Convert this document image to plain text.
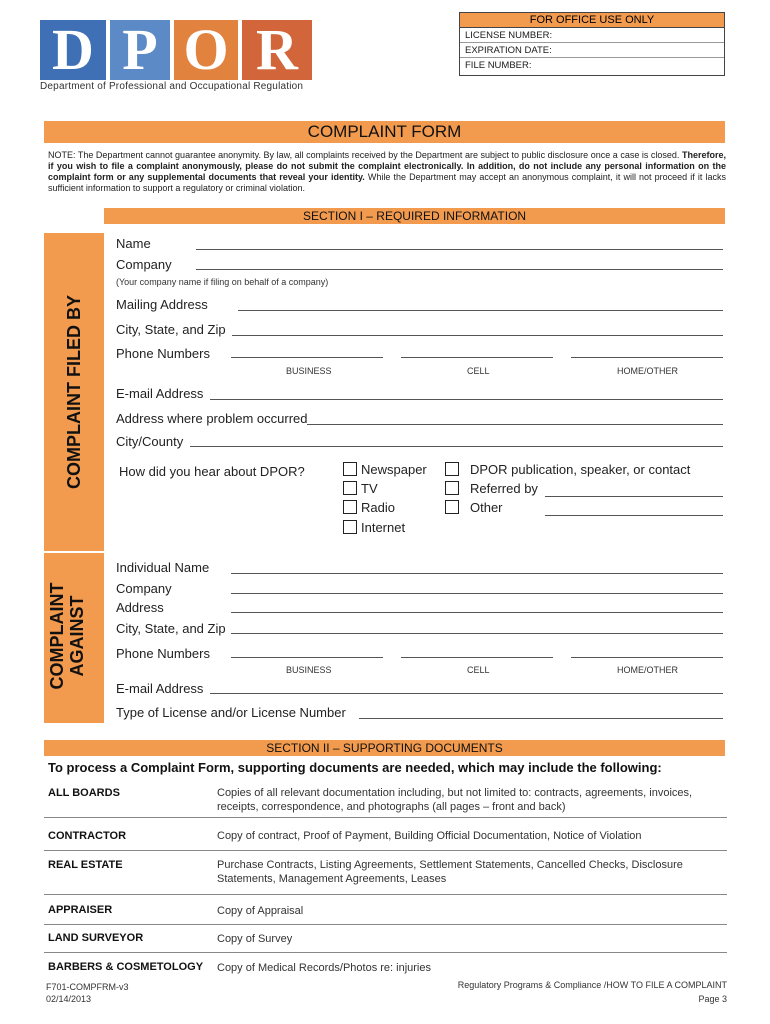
D P O R
Department of Professional and Occupational Regulation
FOR OFFICE USE ONLY
LICENSE NUMBER:
EXPIRATION DATE:
FILE NUMBER:
COMPLAINT FORM
NOTE: The Department cannot guarantee anonymity. By law, all complaints received by the Department are subject to public disclosure once a case is closed. Therefore, if you wish to file a complaint anonymously, please do not submit the complaint electronically. In addition, do not include any personal information on the complaint form or any supplemental documents that reveal your identity. While the Department may accept an anonymous complaint, it will not proceed if it lacks sufficient information to support a regulatory or criminal violation.
SECTION I – REQUIRED INFORMATION
COMPLAINT FILED BY
Name
Company
(Your company name if filing on behalf of a company)
Mailing Address
City, State, and Zip
Phone Numbers
BUSINESS	CELL	HOME/OTHER
E-mail Address
Address where problem occurred
City/County
How did you hear about DPOR?	Newspaper
TV
Radio
Internet
DPOR publication, speaker, or contact
Referred by
Other
COMPLAINT AGAINST
Individual Name
Company
Address
City, State, and Zip
Phone Numbers
BUSINESS	CELL	HOME/OTHER
E-mail Address
Type of License and/or License Number
SECTION II – SUPPORTING DOCUMENTS
To process a Complaint Form, supporting documents are needed, which may include the following:
ALL BOARDS	Copies of all relevant documentation including, but not limited to: contracts, agreements, invoices, receipts, correspondence, and photographs (all pages – front and back)
CONTRACTOR	Copy of contract, Proof of Payment, Building Official Documentation, Notice of Violation
REAL ESTATE	Purchase Contracts, Listing Agreements, Settlement Statements, Cancelled Checks, Disclosure Statements, Management Agreements, Leases
APPRAISER	Copy of Appraisal
LAND SURVEYOR	Copy of Survey
BARBERS & COSMETOLOGY Copy of Medical Records/Photos re: injuries
F701-COMPFRM-v3
02/14/2013
Regulatory Programs & Compliance /HOW TO FILE A COMPLAINT
Page 3
